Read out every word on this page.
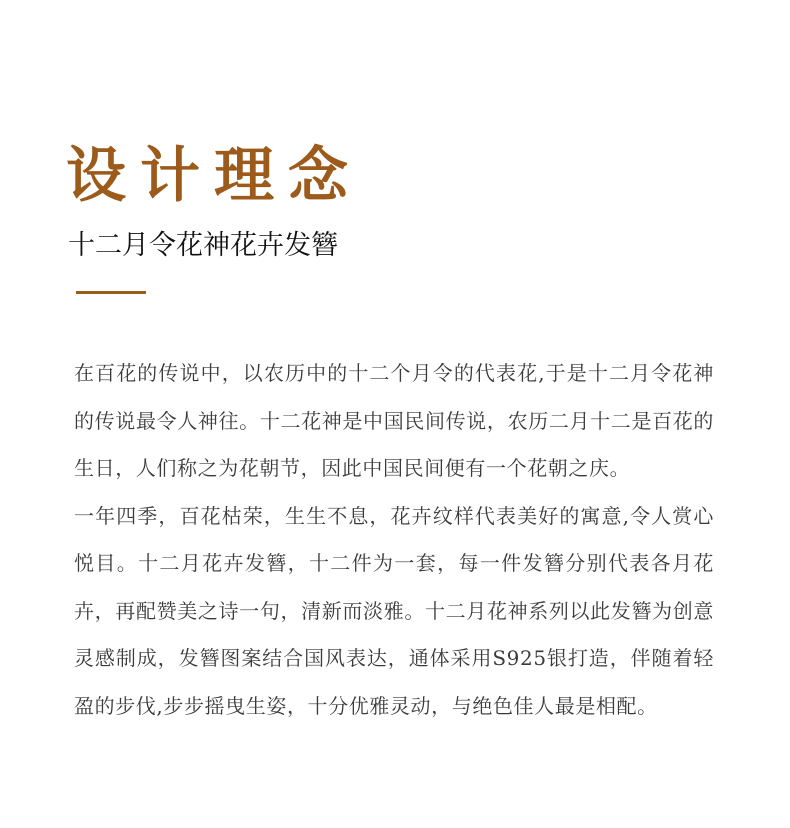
设计理念
十二月令花神花卉发簪

在百花的传说中，以农历中的十二个月令的代表花,于是十二月令花神的传说最令人神往。十二花神是中国民间传说，农历二月十二是百花的生日，人们称之为花朝节，因此中国民间便有一个花朝之庆。

一年四季，百花枯荣，生生不息，花卉纹样代表美好的寓意,令人赏心悦目。十二月花卉发簪，十二件为一套，每一件发簪分别代表各月花卉，再配赞美之诗一句，清新而淡雅。十二月花神系列以此发簪为创意灵感制成，发簪图案结合国风表达，通体采用S925银打造，伴随着轻盈的步伐,步步摇曳生姿，十分优雅灵动，与绝色佳人最是相配。
